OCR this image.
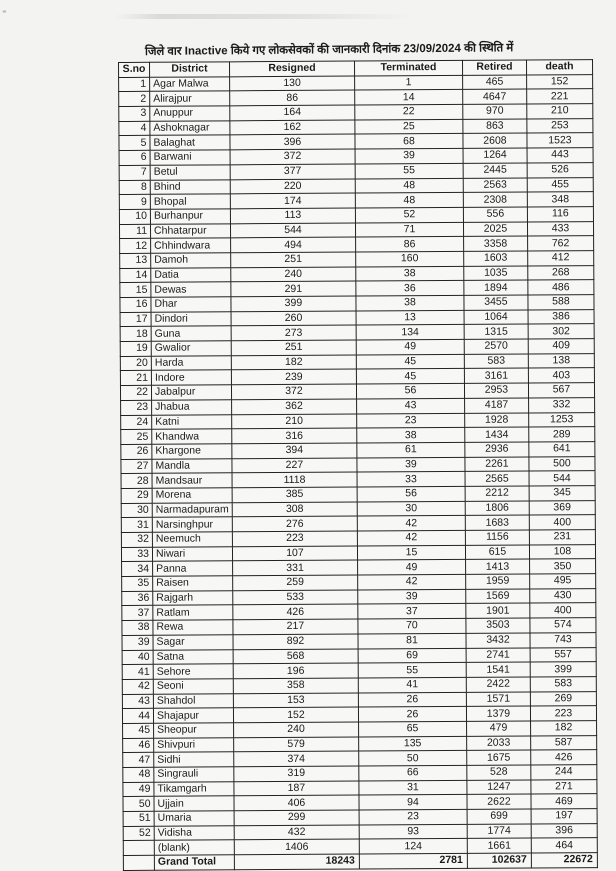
⁼
जिले वार Inactive किये गए लोकसेवकों की जानकारी दिनांक 23/09/2024 की स्थिति में
S.no	District	Resigned	Terminated	Retired	death
1	Agar Malwa	130	1	465	152
2	Alirajpur	86	14	4647	221
3	Anuppur	164	22	970	210
4	Ashoknagar	162	25	863	253
5	Balaghat	396	68	2608	1523
6	Barwani	372	39	1264	443
7	Betul	377	55	2445	526
8	Bhind	220	48	2563	455
9	Bhopal	174	48	2308	348
10	Burhanpur	113	52	556	116
11	Chhatarpur	544	71	2025	433
12	Chhindwara	494	86	3358	762
13	Damoh	251	160	1603	412
14	Datia	240	38	1035	268
15	Dewas	291	36	1894	486
16	Dhar	399	38	3455	588
17	Dindori	260	13	1064	386
18	Guna	273	134	1315	302
19	Gwalior	251	49	2570	409
20	Harda	182	45	583	138
21	Indore	239	45	3161	403
22	Jabalpur	372	56	2953	567
23	Jhabua	362	43	4187	332
24	Katni	210	23	1928	1253
25	Khandwa	316	38	1434	289
26	Khargone	394	61	2936	641
27	Mandla	227	39	2261	500
28	Mandsaur	1118	33	2565	544
29	Morena	385	56	2212	345
30	Narmadapuram	308	30	1806	369
31	Narsinghpur	276	42	1683	400
32	Neemuch	223	42	1156	231
33	Niwari	107	15	615	108
34	Panna	331	49	1413	350
35	Raisen	259	42	1959	495
36	Rajgarh	533	39	1569	430
37	Ratlam	426	37	1901	400
38	Rewa	217	70	3503	574
39	Sagar	892	81	3432	743
40	Satna	568	69	2741	557
41	Sehore	196	55	1541	399
42	Seoni	358	41	2422	583
43	Shahdol	153	26	1571	269
44	Shajapur	152	26	1379	223
45	Sheopur	240	65	479	182
46	Shivpuri	579	135	2033	587
47	Sidhi	374	50	1675	426
48	Singrauli	319	66	528	244
49	Tikamgarh	187	31	1247	271
50	Ujjain	406	94	2622	469
51	Umaria	299	23	699	197
52	Vidisha	432	93	1774	396
	(blank)	1406	124	1661	464
	Grand Total	18243	2781	102637	22672
